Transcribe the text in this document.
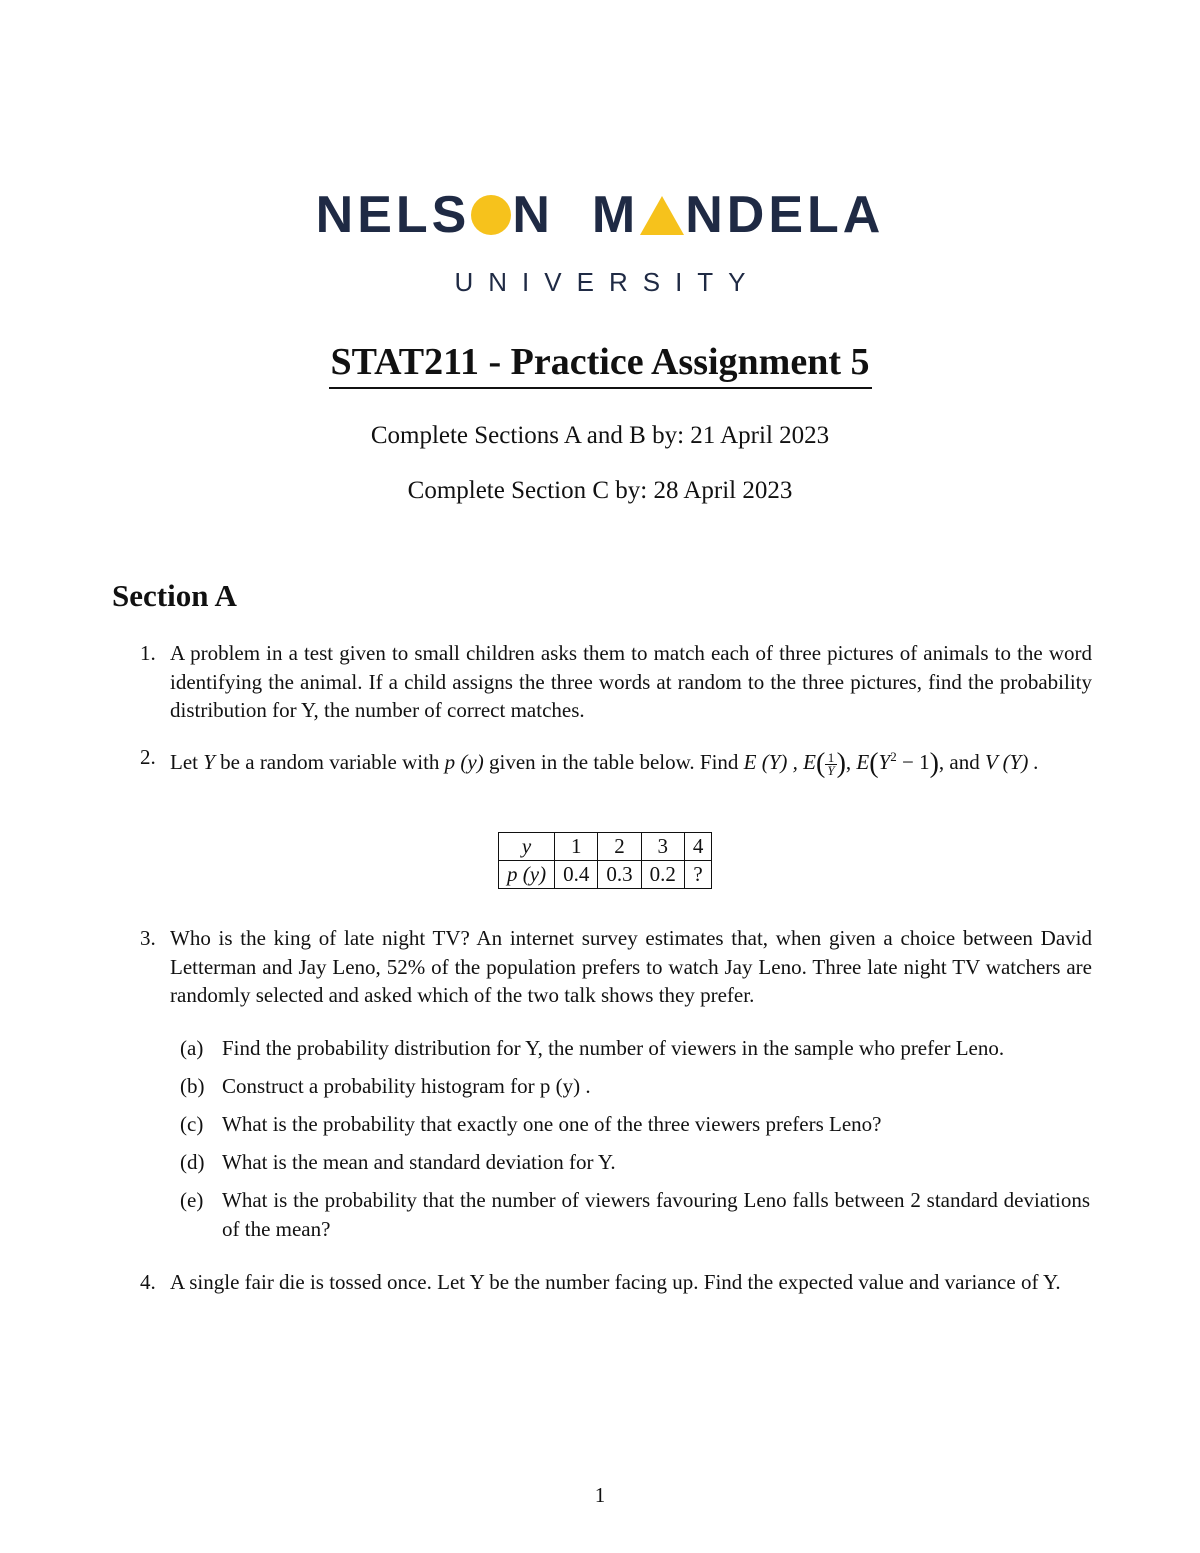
NELS N M NDELA
UNIVERSITY
STAT211 - Practice Assignment 5
Complete Sections A and B by: 21 April 2023
Complete Section C by: 28 April 2023
Section A
1. A problem in a test given to small children asks them to match each of three pictures of animals to the word identifying the animal. If a child assigns the three words at random to the three pictures, find the probability distribution for Y, the number of correct matches.
2. Let Y be a random variable with p (y) given in the table below. Find E (Y) , $E( \frac{1}{Y}$ ), $E(Y^2 - 1)$, and V (Y) .
y	1	2	3	4
p (y)	0.4	0.3	0.2	?
3. Who is the king of late night TV? An internet survey estimates that, when given a choice between David Letterman and Jay Leno, 52% of the population prefers to watch Jay Leno. Three late night TV watchers are randomly selected and asked which of the two talk shows they prefer.
(a) Find the probability distribution for Y, the number of viewers in the sample who prefer Leno.
(b) Construct a probability histogram for p (y) .
(c) What is the probability that exactly one one of the three viewers prefers Leno?
(d) What is the mean and standard deviation for Y.
(e) What is the probability that the number of viewers favouring Leno falls between 2 standard deviations of the mean?
4. A single fair die is tossed once. Let Y be the number facing up. Find the expected value and variance of Y.
1
